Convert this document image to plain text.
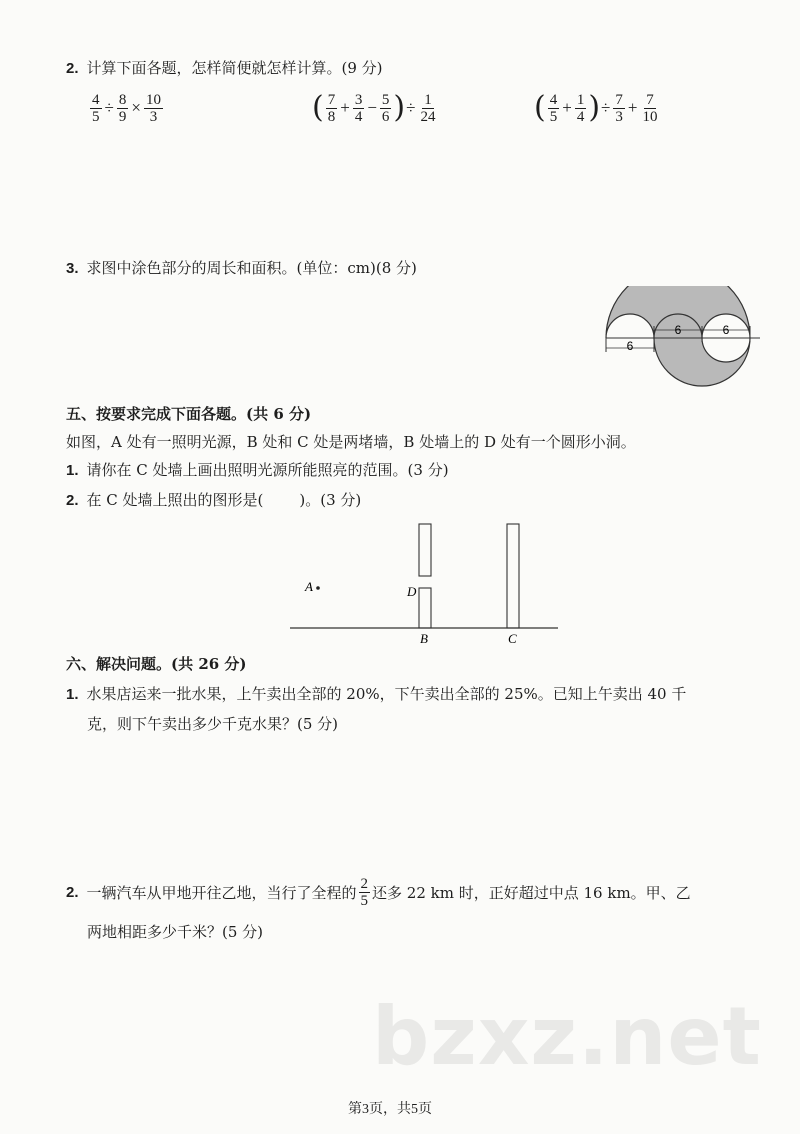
2. 计算下面各题，怎样简便就怎样计算。(9 分)
$\frac{4}{5} \div \frac{8}{9} \times \frac{10}{3}$	( $\frac{7}{8} + \frac{3}{4} - \frac{5}{6}$ ) ÷ $\frac{1}{24}$	( $\frac{4}{5} + \frac{1}{4}$ ) ÷ $\frac{7}{3} + \frac{7}{10}$
3. 求图中涂色部分的周长和面积。(单位：cm)(8 分)
6	6
6
五、按要求完成下面各题。(共 6 分)
如图，A 处有一照明光源，B 处和 C 处是两堵墙，B 处墙上的 D 处有一个圆形小洞。
1. 请你在 C 处墙上画出照明光源所能照亮的范围。(3 分)
2. 在 C 处墙上照出的图形是( )。(3 分)
A	D
B	C
六、解决问题。(共 26 分)
1. 水果店运来一批水果，上午卖出全部的 20%，下午卖出全部的 25%。已知上午卖出 40 千
克，则下午卖出多少千克水果？(5 分)
2. 一辆汽车从甲地开往乙地，当行了全程的 $\frac{2}{5}$ 还多 22 km 时，正好超过中点 16 km。甲、乙
两地相距多少千米？(5 分)
bzxz.net
第3页，共5页
